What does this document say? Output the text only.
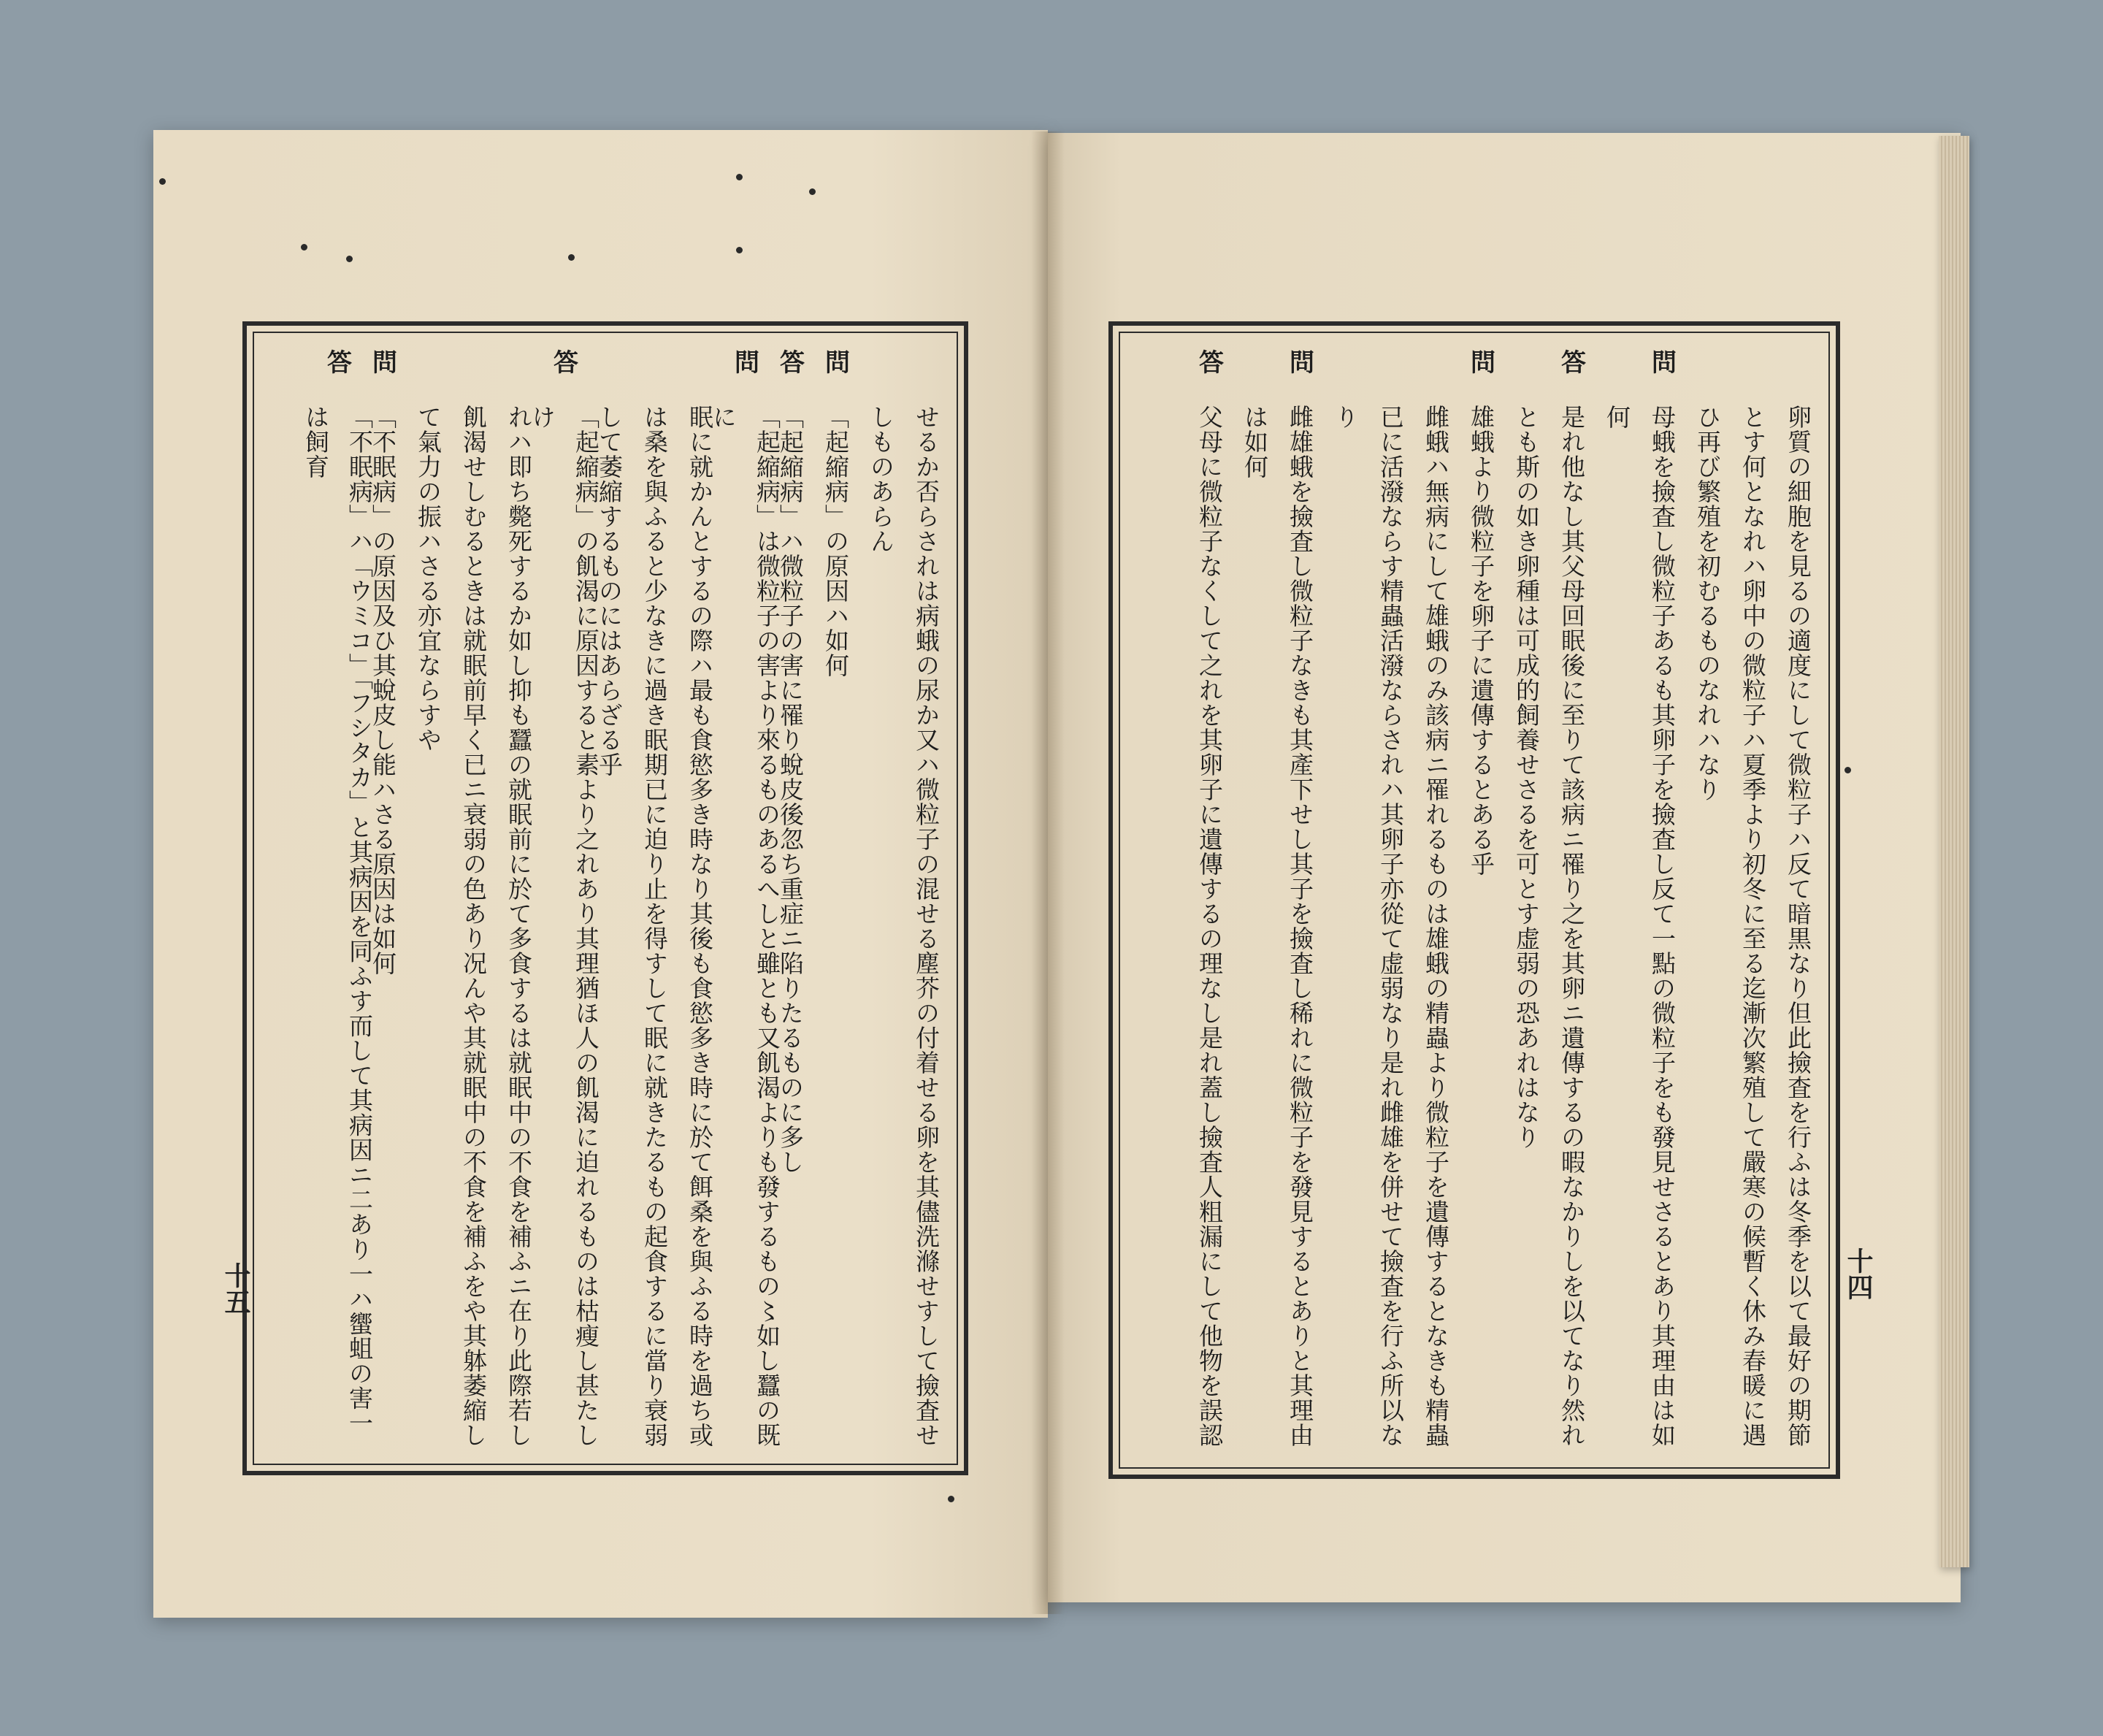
卵質の細胞を見るの適度にして微粒子ハ反て暗黒なり但此撿査を行ふは冬季を以て最好の期節
とす何となれハ卵中の微粒子ハ夏季より初冬に至る迄漸次繁殖して嚴寒の候暫く休み春暖に遇
ひ再び繁殖を初むるものなれハなり
問
母蛾を撿査し微粒子あるも其卵子を撿査し反て一點の微粒子をも發見せさるとあり其理由は如
何
答
是れ他なし其父母回眠後に至りて該病ニ罹り之を其卵ニ遺傳するの暇なかりしを以てなり然れ
とも斯の如き卵種は可成的飼養せさるを可とす虚弱の恐あれはなり
問
雄蛾より微粒子を卵子に遺傳するとある乎
雌蛾ハ無病にして雄蛾のみ該病ニ罹れるものは雄蛾の精蟲より微粒子を遺傳するとなきも精蟲
已に活潑ならす精蟲活潑ならされハ其卵子亦從て虚弱なり是れ雌雄を併せて撿査を行ふ所以な
り
問
雌雄蛾を撿査し微粒子なきも其產下せし其子を撿査し稀れに微粒子を發見するとありと其理由
は如何
答
父母に微粒子なくして之れを其卵子に遺傳するの理なし是れ蓋し撿査人粗漏にして他物を誤認	十四
せるか否らされは病蛾の尿か又ハ微粒子の混せる塵芥の付着せる卵を其儘洗滌せすして撿査せ
しものあらん
問
「起縮病」の原因ハ如何
答
「起縮病」ハ微粒子の害に罹り蛻皮後忽ち重症ニ陷りたるものに多し
問
「起縮病」は微粒子の害より來るものあるへしと雖とも又飢渴よりも發するもの〻如し蠶の既に
眠に就かんとするの際ハ最も食慾多き時なり其後も食慾多き時に於て餌桑を與ふる時を過ち或
は桑を與ふると少なきに過き眠期已に迫り止を得すして眠に就きたるもの起食するに當り衰弱
して萎縮するものにはあらざる乎
答
「起縮病」の飢渴に原因すると素より之れあり其理猶ほ人の飢渴に迫れるものは枯瘦し甚たしけ
れハ即ち斃死するか如し抑も蠶の就眠前に於て多食するは就眠中の不食を補ふニ在り此際若し
飢渴せしむるときは就眠前早く已ニ衰弱の色あり况んや其就眠中の不食を補ふをや其躰萎縮し
て氣力の振ハさる亦宜ならすや
問
「不眠病」の原因及ひ其蛻皮し能ハさる原因は如何
答
「不眠病」ハ「ウミコ」「フシタカ」と其病因を同ふす而して其病因ニ二あり一ハ蠁蛆の害一は飼育
十五
